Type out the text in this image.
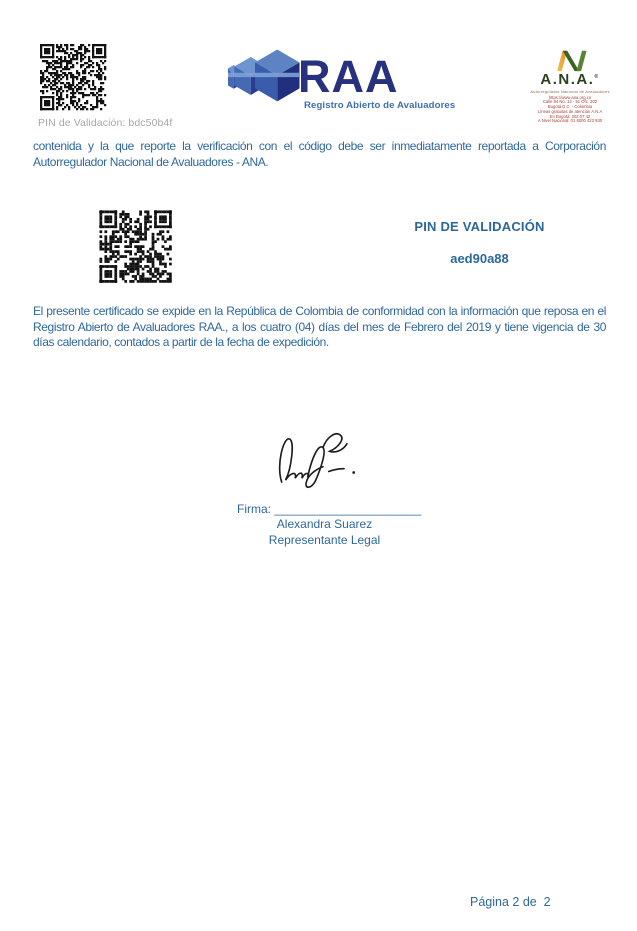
PIN de Validación: bdc50b4f
RAA
Registro Abierto de Avaluadores
A.N.A.®
Autorregulador Nacional de Avaluadores
https://www.ana.org.co
Calle 94 No. 14 - 51 Ofc. 202
Bogotá D.C. - Colombia
Líneas gratuitas de atención A.N.A
En Bogotá: 202 07 42
A Nivel Nacional: 01 8000 423 930
contenida y la que reporte la verificación con el código debe ser inmediatamente reportada a Corporación Autorregulador Nacional de Avaluadores - ANA.
PIN DE VALIDACIÓN
aed90a88
El presente certificado se expide en la República de Colombia de conformidad con la información que reposa en el Registro Abierto de Avaluadores RAA., a los cuatro (04) días del mes de Febrero del 2019 y tiene vigencia de 30 días calendario, contados a partir de la fecha de expedición.
Firma: ______________________
Alexandra Suarez
Representante Legal
Página 2 de  2
